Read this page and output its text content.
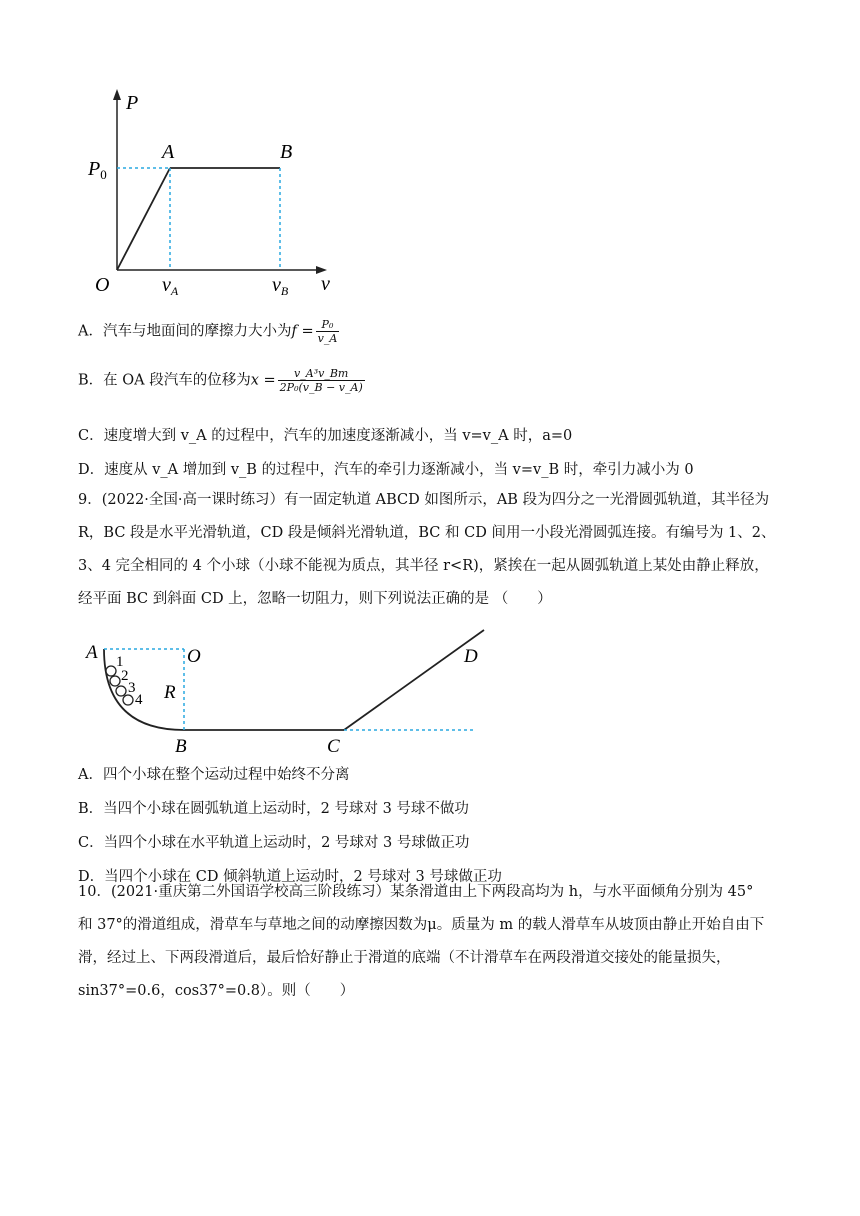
P
v
O
A	B
$P_0$
$v_A$	$v_B$
A．汽车与地面间的摩擦力大小为$f = \frac{\text{P₀}}{v\_A}$
B．在 OA 段汽车的位移为$x = \frac{\text{v\_A³v\_Bm}}{\text{2P₀(v\_B − v\_A)}}$
C．速度增大到 v_A 的过程中，汽车的加速度逐渐减小，当 v=v_A 时，a=0
D．速度从 v_A 增加到 v_B 的过程中，汽车的牵引力逐渐减小，当 v=v_B 时，牵引力减小为 0
9．(2022·全国·高一课时练习）有一固定轨道 ABCD 如图所示，AB 段为四分之一光滑圆弧轨道，其半径为
R，BC 段是水平光滑轨道，CD 段是倾斜光滑轨道，BC 和 CD 间用一小段光滑圆弧连接。有编号为 1、2、
3、4 完全相同的 4 个小球（小球不能视为质点，其半径 r<R)，紧挨在一起从圆弧轨道上某处由静止释放，
经平面 BC 到斜面 CD 上，忽略一切阻力，则下列说法正确的是 （　　）
1
2
3
4
A	O
R
B	C
D
A．四个小球在整个运动过程中始终不分离
B．当四个小球在圆弧轨道上运动时，2 号球对 3 号球不做功
C．当四个小球在水平轨道上运动时，2 号球对 3 号球做正功
D．当四个小球在 CD 倾斜轨道上运动时，2 号球对 3 号球做正功
10．(2021·重庆第二外国语学校高三阶段练习）某条滑道由上下两段高均为 h，与水平面倾角分别为 45°
和 37°的滑道组成，滑草车与草地之间的动摩擦因数为μ。质量为 m 的载人滑草车从坡顶由静止开始自由下
滑，经过上、下两段滑道后，最后恰好静止于滑道的底端（不计滑草车在两段滑道交接处的能量损失，
sin37°=0.6，cos37°=0.8）。则（　　）
